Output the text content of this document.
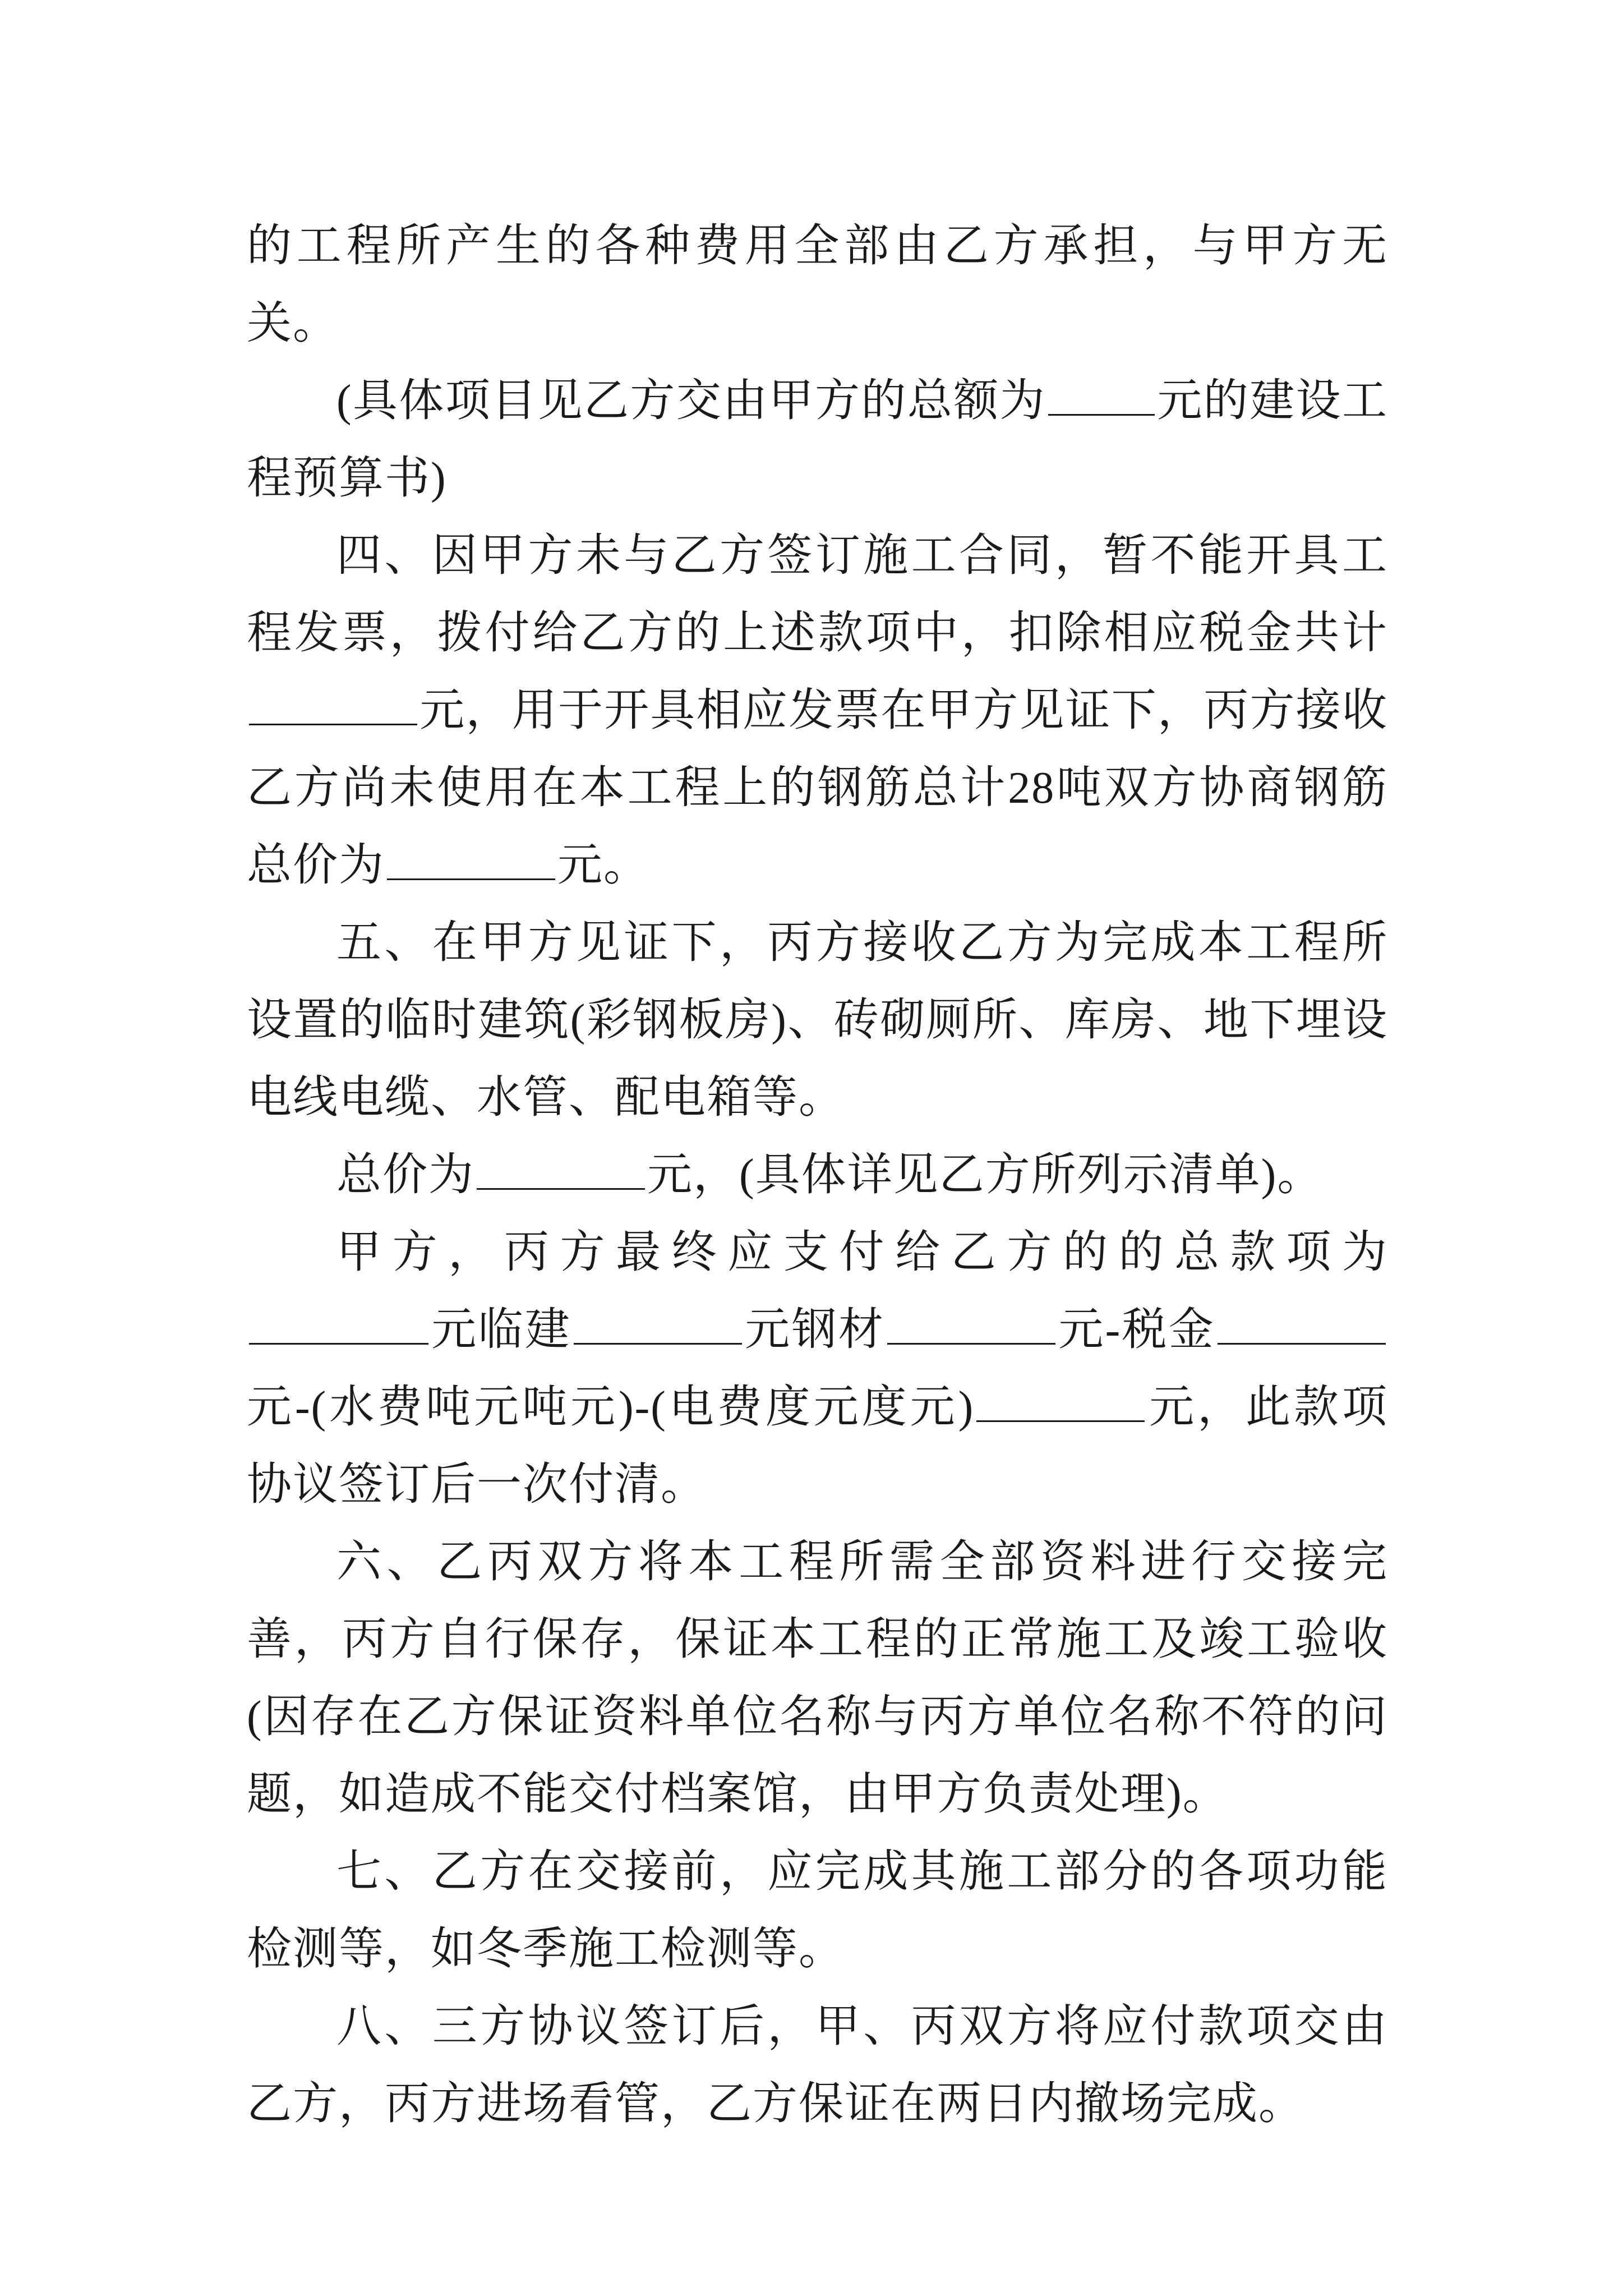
的工程所产生的各种费用全部由乙方承担，与甲方无关。

(具体项目见乙方交由甲方的总额为 元的建设工程预算书)

四、因甲方未与乙方签订施工合同，暂不能开具工程发票，拨付给乙方的上述款项中，扣除相应税金共计元，用于开具相应发票在甲方见证下，丙方接收乙方尚未使用在本工程上的钢筋总计28吨双方协商钢筋总价为	元。

五、在甲方见证下，丙方接收乙方为完成本工程所设置的临时建筑(彩钢板房)、砖砌厕所、库房、地下埋设电线电缆、水管、配电箱等。

总价为	元，(具体详见乙方所列示清单)。

甲方，丙方最终应支付给乙方的的总款项为元临建	元钢材	元-税金元-(水费吨元吨元)-(电费度元度元)	元，此款项协议签订后一次付清。

六、乙丙双方将本工程所需全部资料进行交接完善，丙方自行保存，保证本工程的正常施工及竣工验收(因存在乙方保证资料单位名称与丙方单位名称不符的问题，如造成不能交付档案馆，由甲方负责处理)。

七、乙方在交接前，应完成其施工部分的各项功能检测等，如冬季施工检测等。

八、三方协议签订后，甲、丙双方将应付款项交由乙方，丙方进场看管，乙方保证在两日内撤场完成。
